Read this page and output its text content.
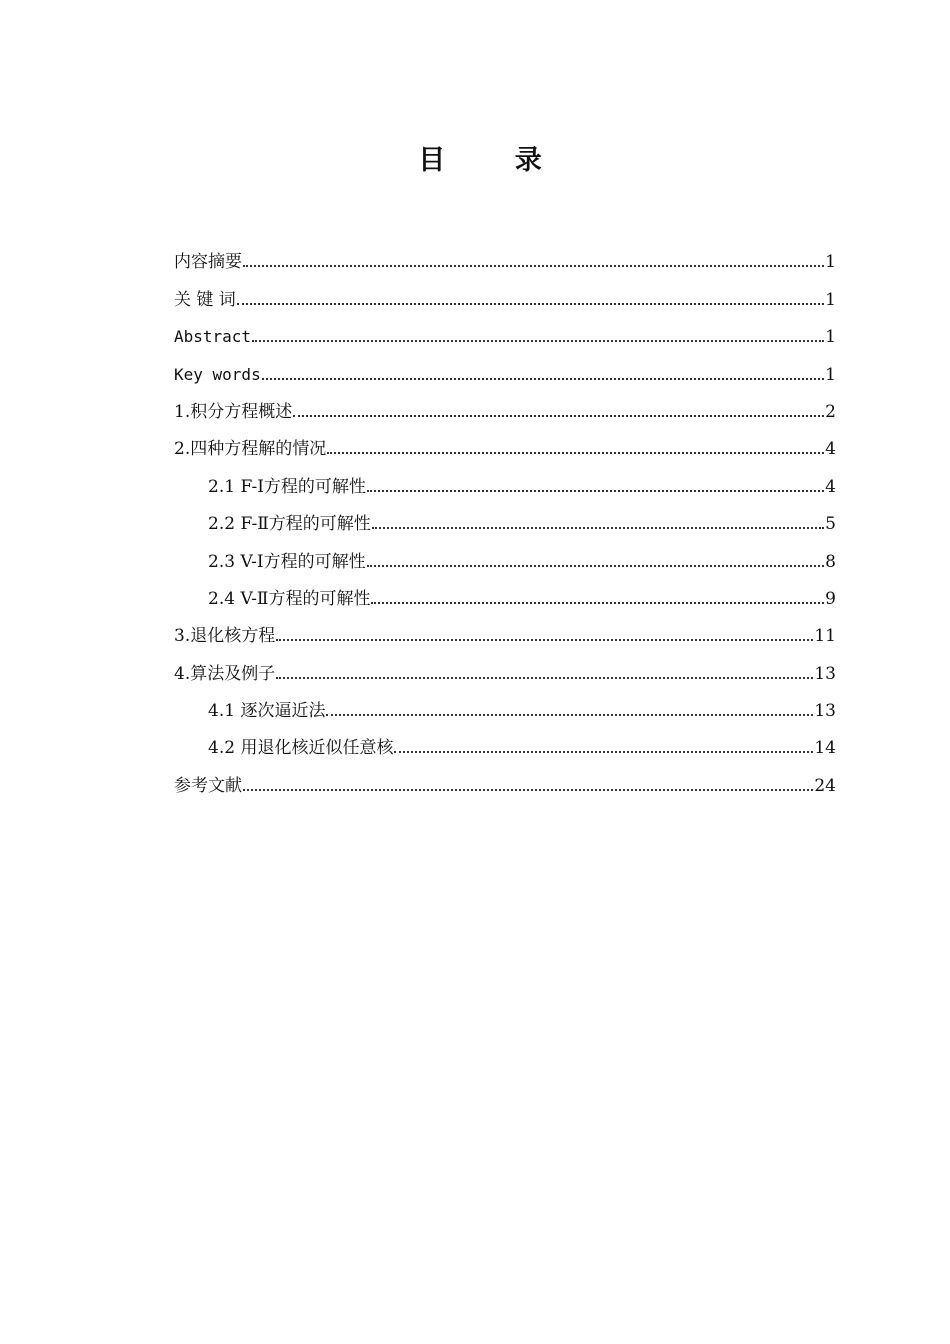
目 录
内容摘要	1
关 键 词	1
Abstract	1
Key words	1
1.积分方程概述	2
2.四种方程解的情况	4
2.1 F-Ⅰ方程的可解性	4
2.2 F-Ⅱ方程的可解性	5
2.3 V-Ⅰ方程的可解性	8
2.4 V-Ⅱ方程的可解性	9
3.退化核方程	11
4.算法及例子	13
4.1 逐次逼近法	13
4.2 用退化核近似任意核	14
参考文献	24
